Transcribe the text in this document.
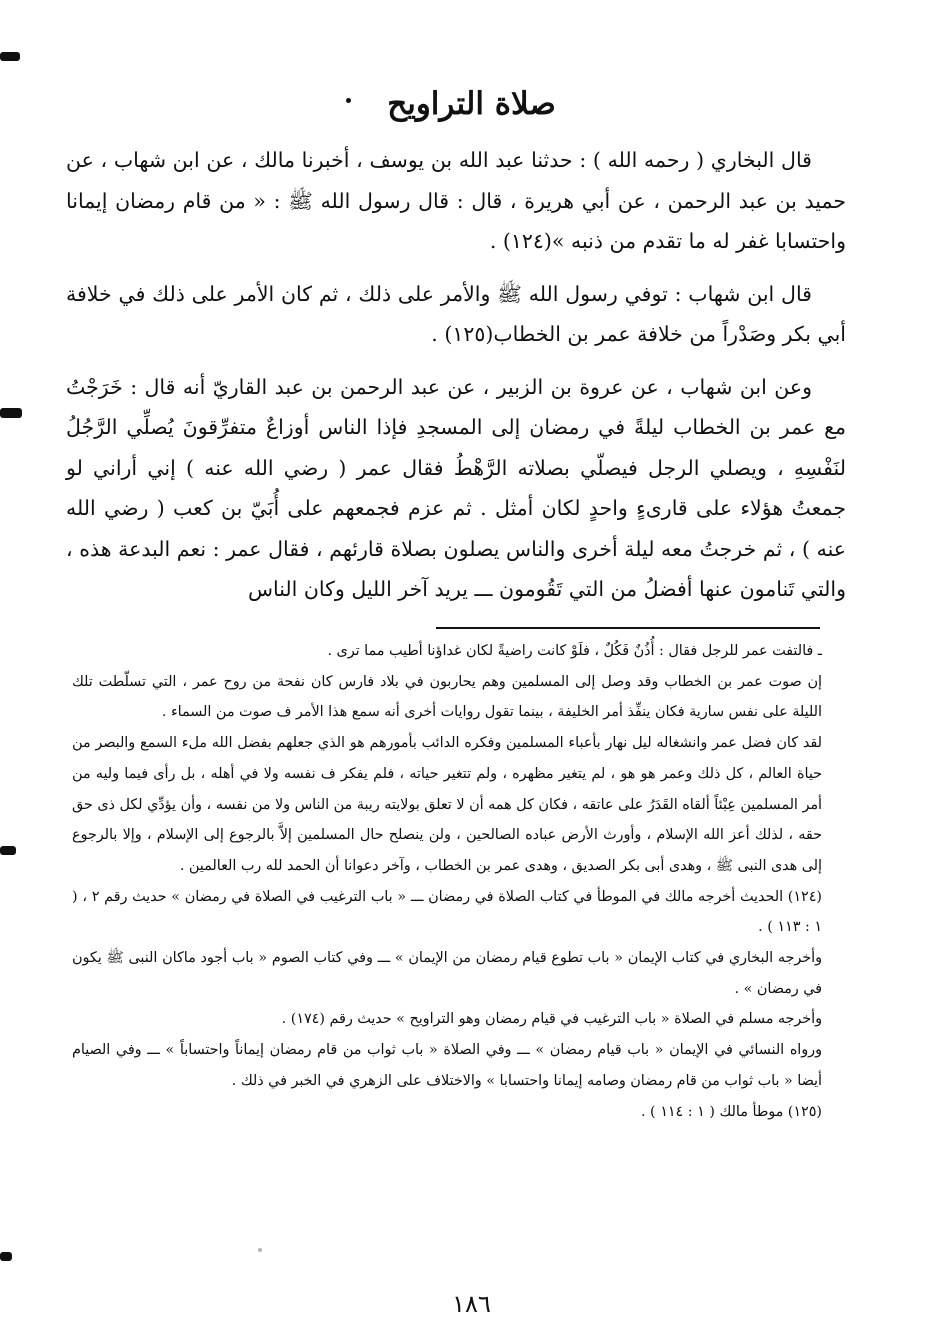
صلاة التراويح

قال البخاري ( رحمه الله ) : حدثنا عبد الله بن يوسف ، أخبرنا مالك ، عن ابن شهاب ، عن حميد بن عبد الرحمن ، عن أبي هريرة ، قال : قال رسول الله ﷺ : « من قام رمضان إيمانا واحتسابا غفر له ما تقدم من ذنبه »(١٢٤) .

قال ابن شهاب : توفي رسول الله ﷺ والأمر على ذلك ، ثم كان الأمر على ذلك في خلافة أبي بكر وصَدْراً من خلافة عمر بن الخطاب(١٢٥) .

وعن ابن شهاب ، عن عروة بن الزبير ، عن عبد الرحمن بن عبد القاريّ أنه قال : خَرَجْتُ مع عمر بن الخطاب ليلةً في رمضان إلى المسجدِ فإذا الناس أوزاعٌ متفرِّقونَ يُصلِّي الرَّجُلُ لنَفْسِهِ ، ويصلي الرجل فيصلّي بصلاته الرَّهْطُ فقال عمر ( رضي الله عنه ) إني أراني لو جمعتُ هؤلاء على قارىءٍ واحدٍ لكان أمثل . ثم عزم فجمعهم على أُبَيّ بن كعب ( رضي الله عنه ) ، ثم خرجتُ معه ليلة أخرى والناس يصلون بصلاة قارئهم ، فقال عمر : نعم البدعة هذه ، والتي تَنامون عنها أفضلُ من التي تَقُومون ـــ يريد آخر الليل وكان الناس

ـ فالتفت عمر للرجل فقال : أُذُنٌ فَكُلٌ ، فلَوْ كانت راضيةً لكان غداؤنا أطيب مما ترى .

إن صوت عمر بن الخطاب وقد وصل إلى المسلمين وهم يحاربون في بلاد فارس كان نفحة من روح عمر ، التي تسلّطت تلك الليلة على نفس سارية فكان ينفِّذ أمر الخليفة ، بينما تقول روايات أخرى أنه سمع هذا الأمر ف صوت من السماء .

لقد كان فضل عمر وانشغاله ليل نهار بأعباء المسلمين وفكره الدائب بأمورهم هو الذي جعلهم بفضل الله ملء السمع والبصر من حياة العالم ، كل ذلك وعمر هو هو ، لم يتغير مظهره ، ولم تتغير حياته ، فلم يفكر ف نفسه ولا في أهله ، بل رأى فيما وليه من أمر المسلمين عِبْئاً ألقاه القَدَرُ على عاتقه ، فكان كل همه أن لا تعلق بولايته ريبة من الناس ولا من نفسه ، وأن يؤدِّي لكل ذى حق حقه ، لذلك أعز الله الإسلام ، وأورث الأرض عباده الصالحين ، ولن ينصلح حال المسلمين إلاَّ بالرجوع إلى الإسلام ، وإلا بالرجوع إلى هدى النبى ﷺ ، وهدى أبى بكر الصديق ، وهدى عمر بن الخطاب ، وآخر دعوانا أن الحمد لله رب العالمين .

(١٢٤) الحديث أخرجه مالك في الموطأ في كتاب الصلاة في رمضان ـــ « باب الترغيب في الصلاة في رمضان » حديث رقم ٢ ، ( ١ : ١١٣ ) .

وأخرجه البخاري في كتاب الإيمان « باب تطوع قيام رمضان من الإيمان » ـــ وفي كتاب الصوم « باب أجود ماكان النبى ﷺ يكون في رمضان » .

وأخرجه مسلم في الصلاة « باب الترغيب في قيام رمضان وهو التراويح » حديث رقم (١٧٤) .

ورواه النسائي في الإيمان « باب قيام رمضان » ـــ وفي الصلاة « باب ثواب من قام رمضان إيماناً واحتساباً » ـــ وفي الصيام أيضا « باب ثواب من قام رمضان وصامه إيمانا واحتسابا » والاختلاف على الزهري في الخبر في ذلك .

(١٢٥) موطأ مالك ( ١ : ١١٤ ) .

١٨٦
